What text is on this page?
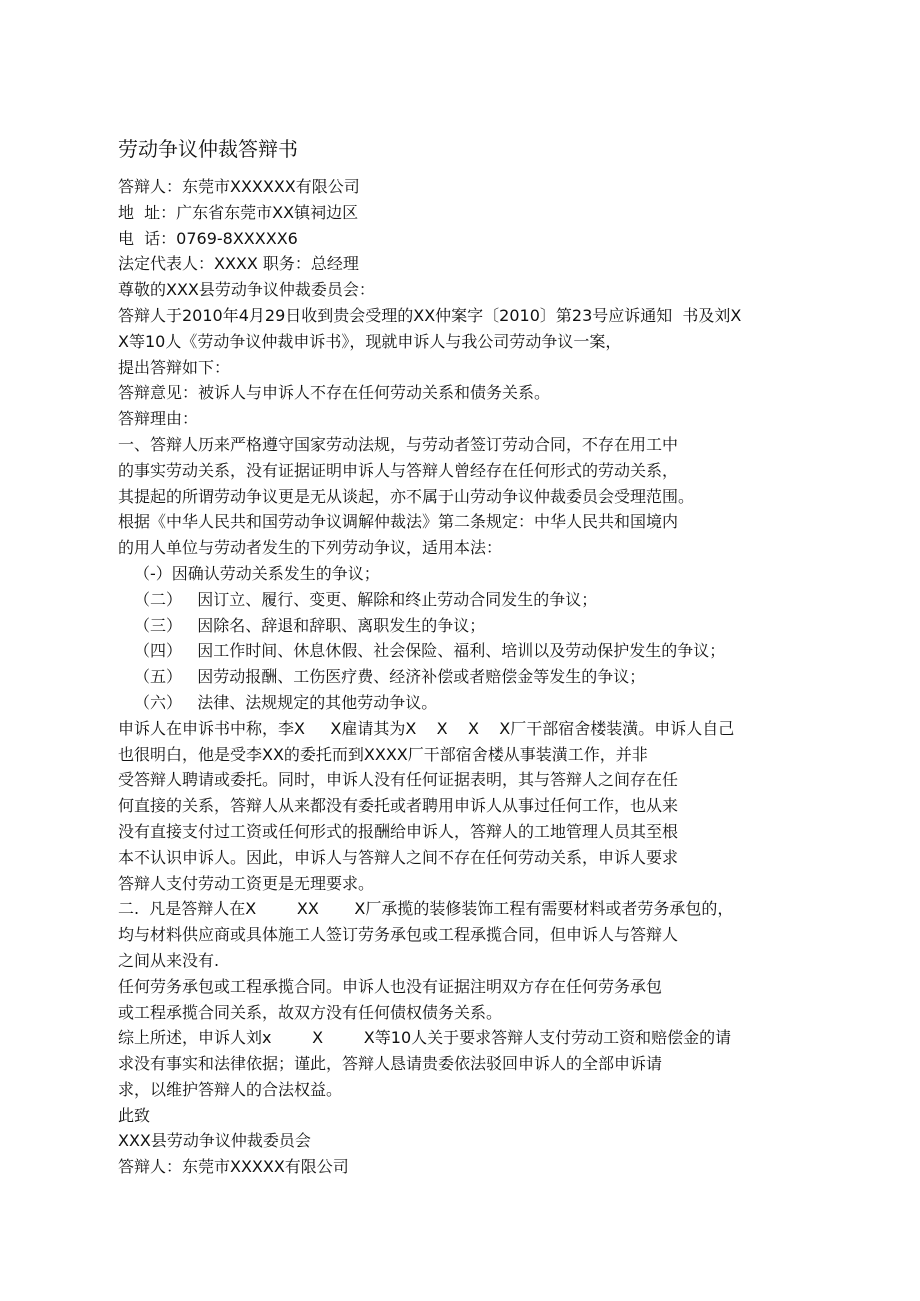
劳动争议仲裁答辩书
答辩人：东莞市XXXXXX有限公司
地  址：广东省东莞市XX镇祠边区
电  话：0769-8XXXXX6
法定代表人：XXXX 职务：总经理
尊敬的XXX县劳动争议仲裁委员会：
答辩人于2010年4月29日收到贵会受理的XX仲案字〔2010〕第23号应诉通知  书及刘X
X等10人《劳动争议仲裁申诉书》，现就申诉人与我公司劳动争议一案，
提出答辩如下：
答辩意见：被诉人与申诉人不存在任何劳动关系和债务关系。
答辩理由：
一、答辩人历来严格遵守国家劳动法规，与劳动者签订劳动合同，不存在用工中
的事实劳动关系，没有证据证明申诉人与答辩人曾经存在任何形式的劳动关系，
其提起的所谓劳动争议更是无从谈起，亦不属于山劳动争议仲裁委员会受理范围。
根据《中华人民共和国劳动争议调解仲裁法》第二条规定：中华人民共和国境内
的用人单位与劳动者发生的下列劳动争议，适用本法：
（-）因确认劳动关系发生的争议；
（二）   因订立、履行、变更、解除和终止劳动合同发生的争议；
（三）   因除名、辞退和辞职、离职发生的争议；
（四）   因工作时间、休息休假、社会保险、福利、培训以及劳动保护发生的争议；
（五）   因劳动报酬、工伤医疗费、经济补偿或者赔偿金等发生的争议；
（六）   法律、法规规定的其他劳动争议。
申诉人在申诉书中称，李X     X雇请其为X    X    X    X厂干部宿舍楼装潢。申诉人自己
也很明白，他是受李XX的委托而到XXXX厂干部宿舍楼从事装潢工作，并非
受答辩人聘请或委托。同时，申诉人没有任何证据表明，其与答辩人之间存在任
何直接的关系，答辩人从来都没有委托或者聘用申诉人从事过任何工作，也从来
没有直接支付过工资或任何形式的报酬给申诉人，答辩人的工地管理人员其至根
本不认识申诉人。因此，申诉人与答辩人之间不存在任何劳动关系，申诉人要求
答辩人支付劳动工资更是无理要求。
二.  凡是答辩人在X        XX       X厂承揽的装修装饰工程有需要材料或者劳务承包的，
均与材料供应商或具体施工人签订劳务承包或工程承揽合同，但申诉人与答辩人
之间从来没有.
任何劳务承包或工程承揽合同。申诉人也没有证据注明双方存在任何劳务承包
或工程承揽合同关系，故双方没有任何债权债务关系。
综上所述，申诉人刘x        X        X等10人关于要求答辩人支付劳动工资和赔偿金的请
求没有事实和法律依据；谨此，答辩人恳请贵委依法驳回申诉人的全部申诉请
求，以维护答辩人的合法权益。
此致
XXX县劳动争议仲裁委员会
答辩人：东莞市XXXXX有限公司
